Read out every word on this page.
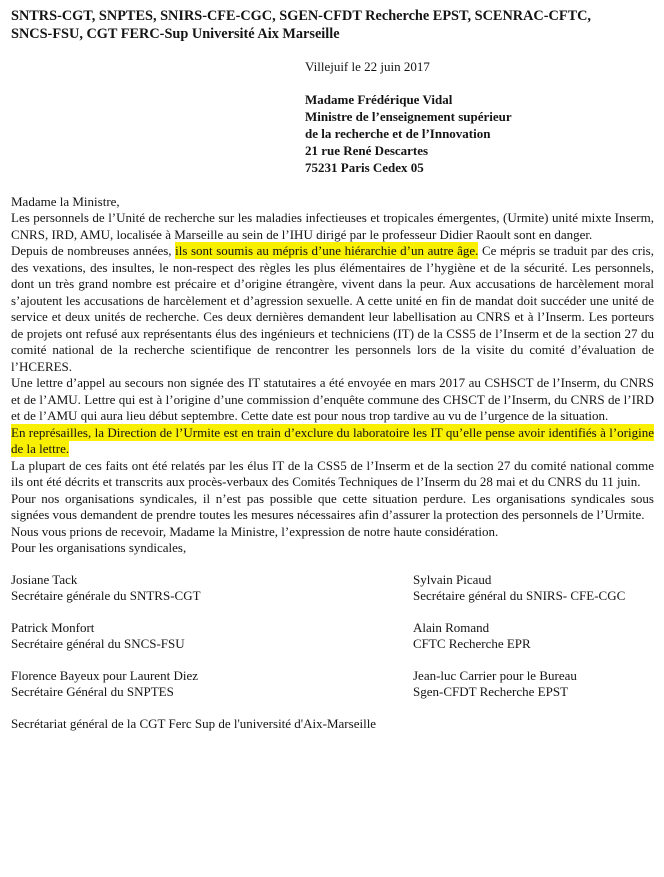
SNTRS-CGT, SNPTES, SNIRS-CFE-CGC, SGEN-CFDT Recherche EPST, SCENRAC-CFTC,
SNCS-FSU, CGT FERC-Sup Université Aix Marseille
Villejuif le 22 juin 2017
Madame Frédérique Vidal
Ministre de l’enseignement supérieur
de la recherche et de l’Innovation
21 rue René Descartes
75231 Paris Cedex 05
Madame la Ministre,

Les personnels de l’Unité de recherche sur les maladies infectieuses et tropicales émergentes, (Urmite) unité mixte Inserm, CNRS, IRD, AMU, localisée à Marseille au sein de l’IHU dirigé par le professeur Didier Raoult sont en danger.

Depuis de nombreuses années, ils sont soumis au mépris d’une hiérarchie d’un autre âge. Ce mépris se traduit par des cris, des vexations, des insultes, le non-respect des règles les plus élémentaires de l’hygiène et de la sécurité. Les personnels, dont un très grand nombre est précaire et d’origine étrangère, vivent dans la peur. Aux accusations de harcèlement moral s’ajoutent les accusations de harcèlement et d’agression sexuelle. A cette unité en fin de mandat doit succéder une unité de service et deux unités de recherche. Ces deux dernières demandent leur labellisation au CNRS et à l’Inserm. Les porteurs de projets ont refusé aux représentants élus des ingénieurs et techniciens (IT) de la CSS5 de l’Inserm et de la section 27 du comité national de la recherche scientifique de rencontrer les personnels lors de la visite du comité d’évaluation de l’HCERES.

Une lettre d’appel au secours non signée des IT statutaires a été envoyée en mars 2017 au CSHSCT de l’Inserm, du CNRS et de l’AMU. Lettre qui est à l’origine d’une commission d’enquête commune des CHSCT de l’Inserm, du CNRS de l’IRD et de l’AMU qui aura lieu début septembre. Cette date est pour nous trop tardive au vu de l’urgence de la situation.

En représailles, la Direction de l’Urmite est en train d’exclure du laboratoire les IT qu’elle pense avoir identifiés à l’origine de la lettre.

La plupart de ces faits ont été relatés par les élus IT de la CSS5 de l’Inserm et de la section 27 du comité national comme ils ont été décrits et transcrits aux procès-verbaux des Comités Techniques de l’Inserm du 28 mai et du CNRS du 11 juin.

Pour nos organisations syndicales, il n’est pas possible que cette situation perdure. Les organisations syndicales sous signées vous demandent de prendre toutes les mesures nécessaires afin d’assurer la protection des personnels de l’Urmite.

Nous vous prions de recevoir, Madame la Ministre, l’expression de notre haute considération.

Pour les organisations syndicales,

Josiane Tack
Secrétaire générale du SNTRS-CGT
Sylvain Picaud
Secrétaire général du SNIRS- CFE-CGC
Patrick Monfort
Secrétaire général du SNCS-FSU
Alain Romand
CFTC Recherche EPR
Florence Bayeux pour Laurent Diez
Secrétaire Général du SNPTES
Jean-luc Carrier pour le Bureau
Sgen-CFDT Recherche EPST
Secrétariat général de la CGT Ferc Sup de l'université d'Aix-Marseille
